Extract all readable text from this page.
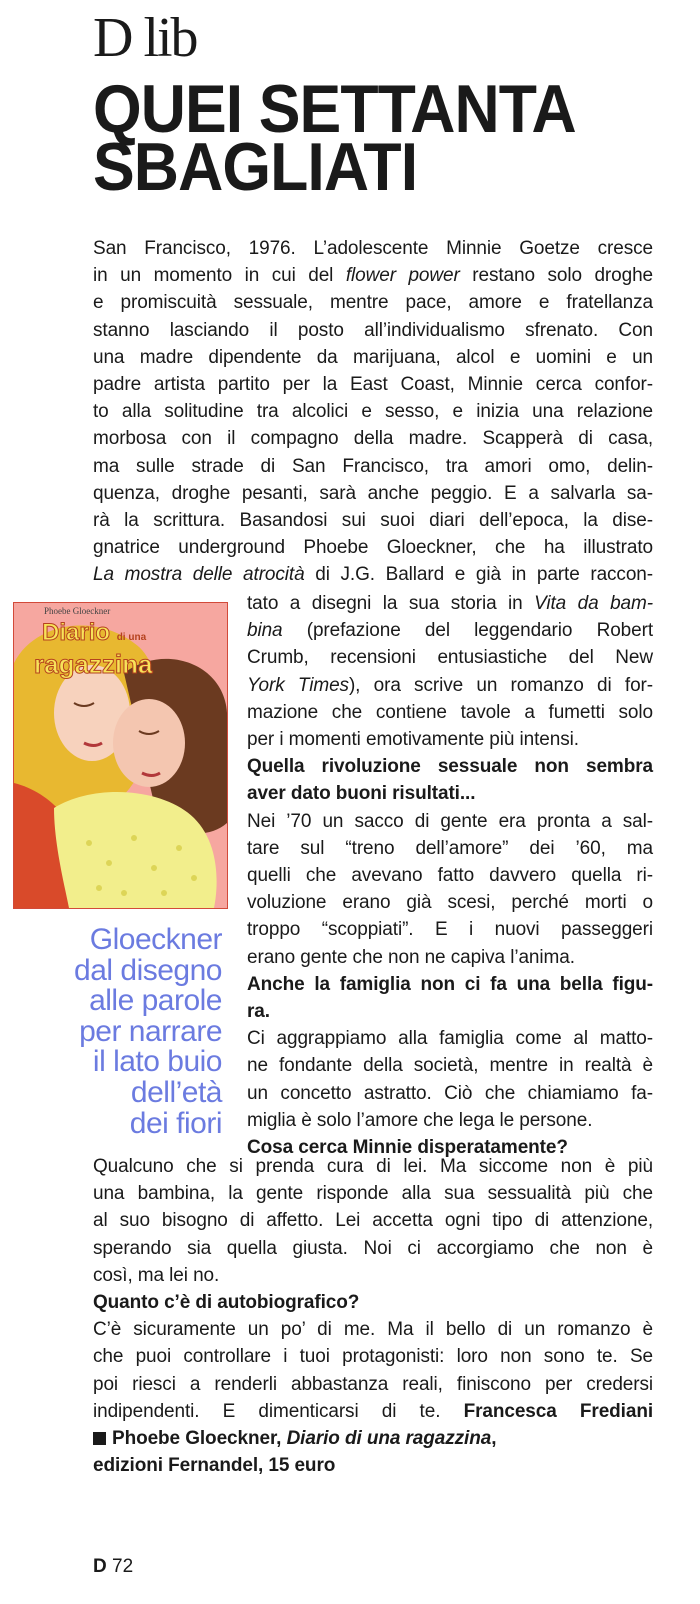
D lib
QUEI SETTANTA
SBAGLIATI
San Francisco, 1976. L’adolescente Minnie Goetze cresce
in un momento in cui del flower power restano solo droghe
e promiscuità sessuale, mentre pace, amore e fratellanza
stanno lasciando il posto all’individualismo sfrenato. Con
una madre dipendente da marijuana, alcol e uomini e un
padre artista partito per la East Coast, Minnie cerca confor-
to alla solitudine tra alcolici e sesso, e inizia una relazione
morbosa con il compagno della madre. Scapperà di casa,
ma sulle strade di San Francisco, tra amori omo, delin-
quenza, droghe pesanti, sarà anche peggio. E a salvarla sa-
rà la scrittura. Basandosi sui suoi diari dell’epoca, la dise-
gnatrice underground Phoebe Gloeckner, che ha illustrato
La mostra delle atrocità di J.G. Ballard e già in parte raccon-
Phoebe Gloeckner
Diario di una
ragazzina
tato a disegni la sua storia in Vita da bam-
bina (prefazione del leggendario Robert
Crumb, recensioni entusiastiche del New
York Times), ora scrive un romanzo di for-
mazione che contiene tavole a fumetti solo
per i momenti emotivamente più intensi.
Quella rivoluzione sessuale non sembra
aver dato buoni risultati...
Nei ’70 un sacco di gente era pronta a sal-
tare sul “treno dell’amore” dei ’60, ma
quelli che avevano fatto davvero quella ri-
voluzione erano già scesi, perché morti o
troppo “scoppiati”. E i nuovi passeggeri
erano gente che non ne capiva l’anima.
Anche la famiglia non ci fa una bella figu-
ra.
Ci aggrappiamo alla famiglia come al matto-
ne fondante della società, mentre in realtà è
un concetto astratto. Ciò che chiamiamo fa-
miglia è solo l’amore che lega le persone.
Cosa cerca Minnie disperatamente?
Gloeckner
dal disegno
alle parole
per narrare
il lato buio
dell’età
dei fiori
Qualcuno che si prenda cura di lei. Ma siccome non è più
una bambina, la gente risponde alla sua sessualità più che
al suo bisogno di affetto. Lei accetta ogni tipo di attenzione,
sperando sia quella giusta. Noi ci accorgiamo che non è
così, ma lei no.
Quanto c’è di autobiografico?
C’è sicuramente un po’ di me. Ma il bello di un romanzo è
che puoi controllare i tuoi protagonisti: loro non sono te. Se
poi riesci a renderli abbastanza reali, finiscono per credersi
indipendenti. E dimenticarsi di te. Francesca Frediani
Phoebe Gloeckner, Diario di una ragazzina,
edizioni Fernandel, 15 euro
D 72
